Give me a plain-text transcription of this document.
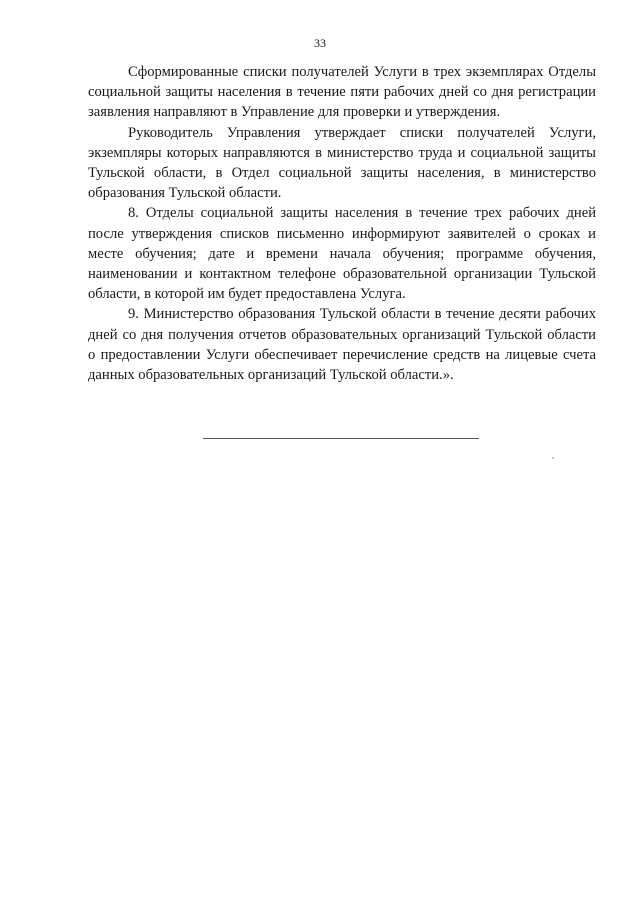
33

Сформированные списки получателей Услуги в трех экземплярах Отделы социальной защиты населения в течение пяти рабочих дней со дня регистрации заявления направляют в Управление для проверки и утверждения.

Руководитель Управления утверждает списки получателей Услуги, экземпляры которых направляются в министерство труда и социальной защиты Тульской области, в Отдел социальной защиты населения, в министерство образования Тульской области.

8. Отделы социальной защиты населения в течение трех рабочих дней после утверждения списков письменно информируют заявителей о сроках и месте обучения; дате и времени начала обучения; программе обучения, наименовании и контактном телефоне образовательной организации Тульской области, в которой им будет предоставлена Услуга.

9. Министерство образования Тульской области в течение десяти рабочих дней со дня получения отчетов образовательных организаций Тульской области о предоставлении Услуги обеспечивает перечисление средств на лицевые счета данных образовательных организаций Тульской области.».
